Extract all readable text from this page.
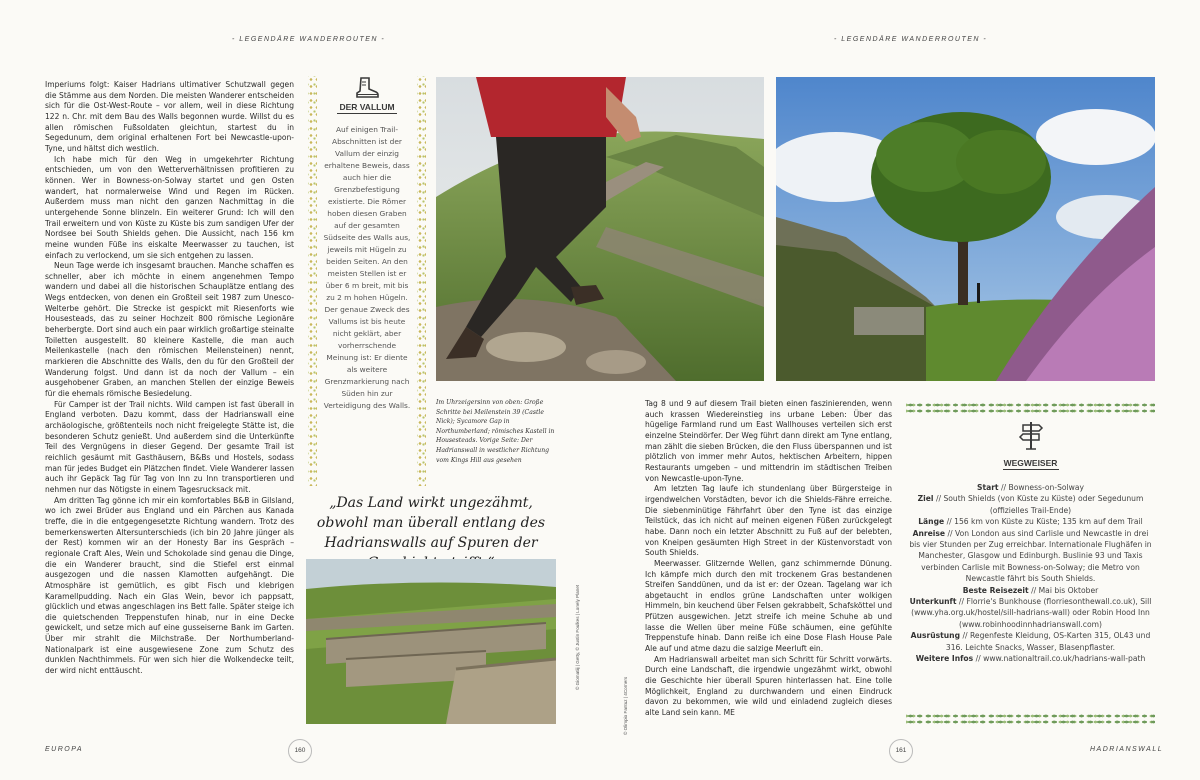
- LEGENDÄRE WANDERROUTEN -	- LEGENDÄRE WANDERROUTEN -

Imperiums folgt: Kaiser Hadrians ultimativer Schutzwall gegen die Stämme aus dem Norden. Die meisten Wanderer entscheiden sich für die Ost-West-Route – vor allem, weil in diese Richtung 122 n. Chr. mit dem Bau des Walls begonnen wurde. Willst du es allen römischen Fußsoldaten gleichtun, startest du in Segedunum, dem original erhaltenen Fort bei Newcastle-upon-Tyne, und hältst dich westlich.

Ich habe mich für den Weg in umgekehrter Richtung entschieden, um von den Wetterverhältnissen profitieren zu können. Wer in Bowness-on-Solway startet und gen Osten wandert, hat normalerweise Wind und Regen im Rücken. Außerdem muss man nicht den ganzen Nachmittag in die untergehende Sonne blinzeln. Ein weiterer Grund: Ich will den Trail erweitern und von Küste zu Küste bis zum sandigen Ufer der Nordsee bei South Shields gehen. Die Aussicht, nach 156 km meine wunden Füße ins eiskalte Meerwasser zu tauchen, ist einfach zu verlockend, um sie sich entgehen zu lassen.

Neun Tage werde ich insgesamt brauchen. Manche schaffen es schneller, aber ich möchte in einem angenehmen Tempo wandern und dabei all die historischen Schauplätze entlang des Wegs entdecken, von denen ein Großteil seit 1987 zum Unesco-Welterbe gehört. Die Strecke ist gespickt mit Riesenforts wie Housesteads, das zu seiner Hochzeit 800 römische Legionäre beherbergte. Dort sind auch ein paar wirklich großartige steinalte Toiletten ausgestellt. 80 kleinere Kastelle, die man auch Meilenkastelle (nach den römischen Meilensteinen) nennt, markieren die Abschnitte des Walls, den du für den Großteil der Wanderung folgst. Und dann ist da noch der Vallum – ein ausgehobener Graben, an manchen Stellen der einzige Beweis für die ehemals römische Besiedelung.

Für Camper ist der Trail nichts. Wild campen ist fast überall in England verboten. Dazu kommt, dass der Hadrianswall eine archäologische, größtenteils noch nicht freigelegte Stätte ist, die besonderen Schutz genießt. Und außerdem sind die Unterkünfte Teil des Vergnügens in dieser Gegend. Der gesamte Trail ist reichlich gesäumt mit Gasthäusern, B&Bs und Hostels, sodass man für jedes Budget ein Plätzchen findet. Viele Wanderer lassen auch ihr Gepäck Tag für Tag von Inn zu Inn transportieren und nehmen nur das Nötigste in einem Tagesrucksack mit.

Am dritten Tag gönne ich mir ein komfortables B&B in Gilsland, wo ich zwei Brüder aus England und ein Pärchen aus Kanada treffe, die in die entgegengesetzte Richtung wandern. Trotz des bemerkenswerten Altersunterschieds (ich bin 20 Jahre jünger als der Rest) kommen wir an der Honesty Bar ins Gespräch – regionale Craft Ales, Wein und Schokolade sind genau die Dinge, die ein Wanderer braucht, sind die Stiefel erst einmal ausgezogen und die nassen Klamotten aufgehängt. Die Atmosphäre ist gemütlich, es gibt Fisch und klebrigen Karamellpudding. Nach ein Glas Wein, bevor ich pappsatt, glücklich und etwas angeschlagen ins Bett falle. Später steige ich die quietschenden Treppenstufen hinab, nur in eine Decke gewickelt, und setze mich auf eine gusseiserne Bank im Garten. Über mir strahlt die Milchstraße. Der Northumberland-Nationalpark ist eine ausgewiesene Zone zum Schutz des dunklen Nachthimmels. Für wen sich hier die Wolkendecke teilt, der wird nicht enttäuscht.

DER VALLUM
Auf einigen Trail-Abschnitten ist der Vallum der einzig erhaltene Beweis, dass auch hier die Grenzbefestigung existierte. Die Römer hoben diesen Graben auf der gesamten Südseite des Walls aus, jeweils mit Hügeln zu beiden Seiten. An den meisten Stellen ist er über 6 m breit, mit bis zu 2 m hohen Hügeln. Der genaue Zweck des Vallums ist bis heute nicht geklärt, aber vorherrschende Meinung ist: Er diente als weitere Grenzmarkierung nach Süden hin zur Verteidigung des Walls.	Im Uhrzeigersinn von oben: Große Schritte bei Meilenstein 39 (Castle Nick); Sycamore Gap in Northumberland; römisches Kastell in Housesteads. Vorige Seite: Der Hadrianswall in westlicher Richtung vom Kings Hill aus gesehen
„Das Land wirkt ungezähmt, obwohl man überall entlang des Hadrianswalls auf Spuren der
© Giomatiij | Getty, © Justin Foulkes | Lonely Planet
© Olimpio Fantuz | 4Corners

Tag 8 und 9 auf diesem Trail bieten einen faszinierenden, wenn auch krassen Wiedereinstieg ins urbane Leben: Über das hügelige Farmland rund um East Wallhouses verteilen sich erst einzelne Steindörfer. Der Weg führt dann direkt am Tyne entlang, man zählt die sieben Brücken, die den Fluss überspannen und ist plötzlich von immer mehr Autos, hektischen Arbeitern, hippen Restaurants umgeben – und mittendrin im städtischen Treiben von Newcastle-upon-Tyne.

Am letzten Tag laufe ich stundenlang über Bürgersteige in irgendwelchen Vorstädten, bevor ich die Shields-Fähre erreiche. Die siebenminütige Fährfahrt über den Tyne ist das einzige Teilstück, das ich nicht auf meinen eigenen Füßen zurückgelegt habe. Dann noch ein letzter Abschnitt zu Fuß auf der belebten, von Kneipen gesäumten High Street in der Küstenvorstadt von South Shields.

Meerwasser. Glitzernde Wellen, ganz schimmernde Dünung. Ich kämpfe mich durch den mit trockenem Gras bestandenen Streifen Sanddünen, und da ist er: der Ozean. Tagelang war ich abgetaucht in endlos grüne Landschaften unter wolkigen Himmeln, bin keuchend über Felsen gekrabbelt, Schafsköttel und Pfützen ausgewichen. Jetzt streife ich meine Schuhe ab und lasse die Wellen über meine Füße schäumen, eine gefühlte Treppenstufe hinab. Dann reiße ich eine Dose Flash House Pale Ale auf und atme dazu die salzige Meerluft ein.

Am Hadrianswall arbeitet man sich Schritt für Schritt vorwärts. Durch eine Landschaft, die irgendwie ungezähmt wirkt, obwohl die Geschichte hier überall Spuren hinterlassen hat. Eine tolle Möglichkeit, England zu durchwandern und einen Eindruck davon zu bekommen, wie wild und einladend zugleich dieses alte Land sein kann. ME

WEGWEISER
Start // Bowness-on-Solway
Ziel // South Shields (von Küste zu Küste) oder Segedunum (offizielles Trail-Ende)
Länge // 156 km von Küste zu Küste; 135 km auf dem Trail
Anreise // Von London aus sind Carlisle und Newcastle in drei bis vier Stunden per Zug erreichbar. Internationale Flughäfen in Manchester, Glasgow und Edinburgh. Buslinie 93 und Taxis verbinden Carlisle mit Bowness-on-Solway; die Metro von Newcastle fährt bis South Shields.
Beste Reisezeit // Mai bis Oktober
Unterkunft // Florrie's Bunkhouse (florriesonthewall.co.uk), Sill (www.yha.org.uk/hostel/sill-hadrians-wall) oder Robin Hood Inn (www.robinhoodinnhadrianswall.com)
Ausrüstung // Regenfeste Kleidung, OS-Karten 315, OL43 und 316. Leichte Snacks, Wasser, Blasenpflaster.
Weitere Infos // www.nationaltrail.co.uk/hadrians-wall-path
EUROPA	160	161	HADRIANSWALL
